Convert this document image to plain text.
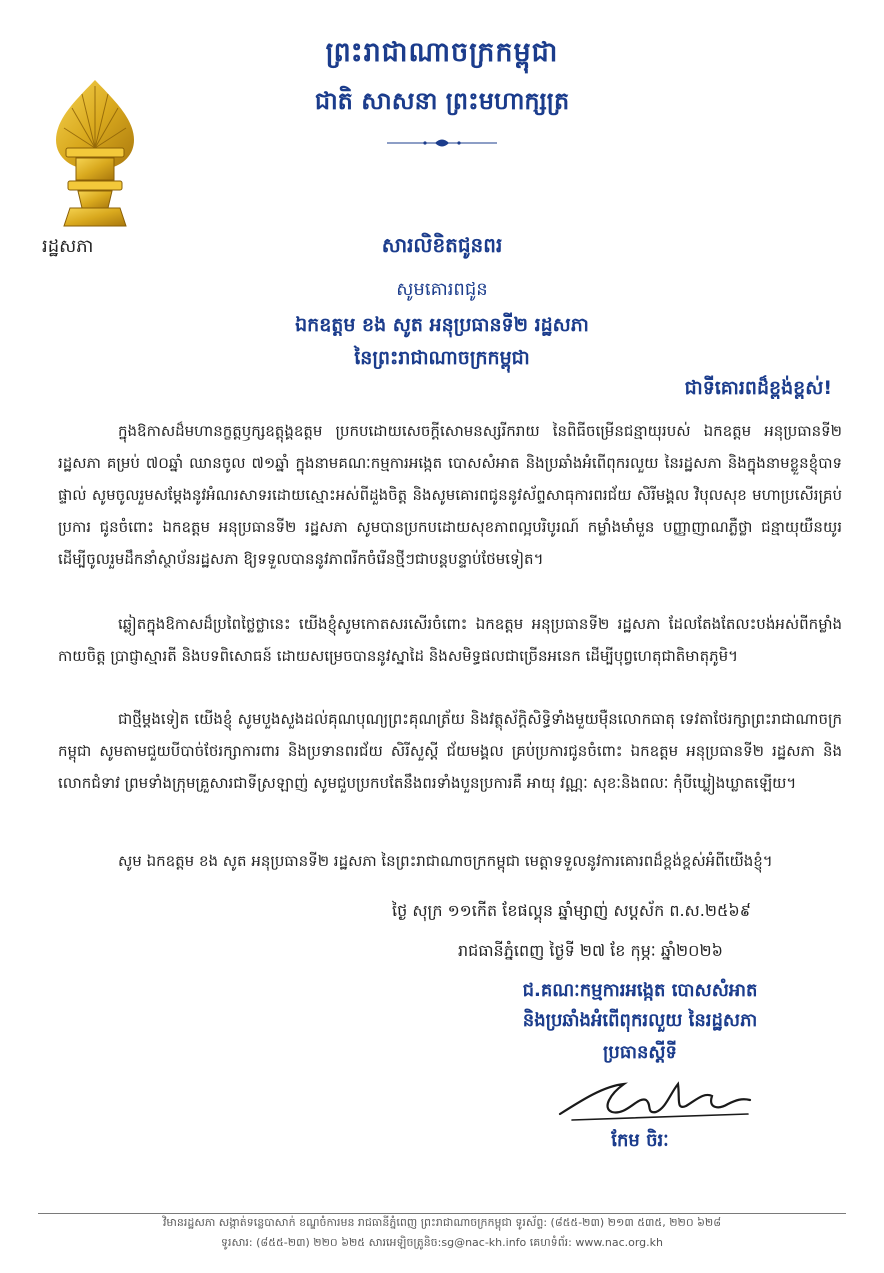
ព្រះរាជាណាចក្រកម្ពុជា
ជាតិ សាសនា ព្រះមហាក្សត្រ
រដ្ឋសភា	សារលិខិតជូនពរ
សូមគោរពជូន
ឯកឧត្តម ខង សូត អនុប្រធានទី២ រដ្ឋសភា
នៃព្រះរាជាណាចក្រកម្ពុជា
ជាទីគោរពដ៏ខ្ពង់ខ្ពស់!

ក្នុងឱកាសដ៏មហានក្ខត្តឫក្សឧត្តុង្គឧត្តម ប្រកបដោយសេចក្តីសោមនស្សរីករាយ នៃពិធីចម្រើនជន្មាយុរបស់ ឯកឧត្តម អនុប្រធានទី២ រដ្ឋសភា គម្រប់ ៧០ឆ្នាំ ឈានចូល ៧១ឆ្នាំ ក្នុងនាមគណៈកម្មការអង្កេត បោសសំអាត និងប្រឆាំងអំពើពុករលួយ នៃរដ្ឋសភា និងក្នុងនាមខ្លួនខ្ញុំបាទផ្ទាល់ សូមចូលរួមសម្តែងនូវអំណរសាទរដោយស្មោះអស់ពីដួងចិត្ត និងសូមគោរពជូននូវស័ព្ទសាធុការពរជ័យ សិរីមង្គល វិបុលសុខ មហាប្រសើរគ្រប់ប្រការ ជូនចំពោះ ឯកឧត្តម អនុប្រធានទី២ រដ្ឋសភា សូមបានប្រកបដោយសុខភាពល្អបរិបូរណ៍ កម្លាំងមាំមួន បញ្ញាញាណភ្លឺថ្លា ជន្មាយុយឺនយូរ ដើម្បីចូលរួមដឹកនាំស្ថាប័នរដ្ឋសភា ឱ្យទទួលបាននូវភាពរីកចំរើនថ្មីៗជាបន្តបន្ទាប់ថែមទៀត។

ឆ្លៀតក្នុងឱកាសដ៏ប្រពៃថ្លៃថ្លានេះ យើងខ្ញុំសូមកោតសរសើរចំពោះ ឯកឧត្តម អនុប្រធានទី២ រដ្ឋសភា ដែលតែងតែលះបង់អស់ពីកម្លាំងកាយចិត្ត ប្រាជ្ញាស្មារតី និងបទពិសោធន៍ ដោយសម្រេចបាននូវស្នាដៃ និងសមិទ្ធផលជាច្រើនអនេក ដើម្បីបុព្វហេតុជាតិមាតុភូមិ។

ជាថ្មីម្តងទៀត យើងខ្ញុំ សូមបួងសួងដល់គុណបុណ្យព្រះគុណត្រ័យ និងវត្ថុស័ក្តិសិទ្ធិទាំងមួយម៉ឺនលោកធាតុ ទេវតាថែរក្សាព្រះរាជាណាចក្រកម្ពុជា សូមតាមជួយបីបាច់ថែរក្សាការពារ និងប្រទានពរជ័យ សិរីសួស្តី ជ័យមង្គល គ្រប់ប្រការជូនចំពោះ ឯកឧត្តម អនុប្រធានទី២ រដ្ឋសភា និងលោកជំទាវ ព្រមទាំងក្រុមគ្រួសារជាទីស្រឡាញ់ សូមជួបប្រកបតែនឹងពរទាំងបួនប្រការគឺ អាយុ វណ្ណៈ សុខៈនិងពលៈ កុំបីឃ្លៀងឃ្លាតឡើយ។

សូម ឯកឧត្តម ខង សូត អនុប្រធានទី២ រដ្ឋសភា នៃព្រះរាជាណាចក្រកម្ពុជា មេត្តាទទួលនូវការគោរពដ៏ខ្ពង់ខ្ពស់អំពីយើងខ្ញុំ។

ថ្ងៃ សុក្រ ១១កើត ខែផល្គុន ឆ្នាំម្សាញ់ សប្តស័ក ព.ស.២៥៦៩
រាជធានីភ្នំពេញ ថ្ងៃទី ២៧ ខែ កុម្ភៈ ឆ្នាំ២០២៦
ជ.គណៈកម្មការអង្កេត បោសសំអាត
និងប្រឆាំងអំពើពុករលួយ នៃរដ្ឋសភា
ប្រធានស្តីទី
កែម ចិរៈ
វិមានរដ្ឋសភា សង្កាត់ទន្លេបាសាក់ ខណ្ឌចំការមន រាជធានីភ្នំពេញ ព្រះរាជាណាចក្រកម្ពុជា ទូរស័ព្ទ: (៨៥៥-២៣) ២១៣ ៥៣៥, ២២០ ៦២៨
ទូរសារ: (៨៥៥-២៣) ២២០ ៦២៥ សារអេឡិចត្រូនិច:sg@nac-kh.info គេហទំព័រ: www.nac.org.kh
